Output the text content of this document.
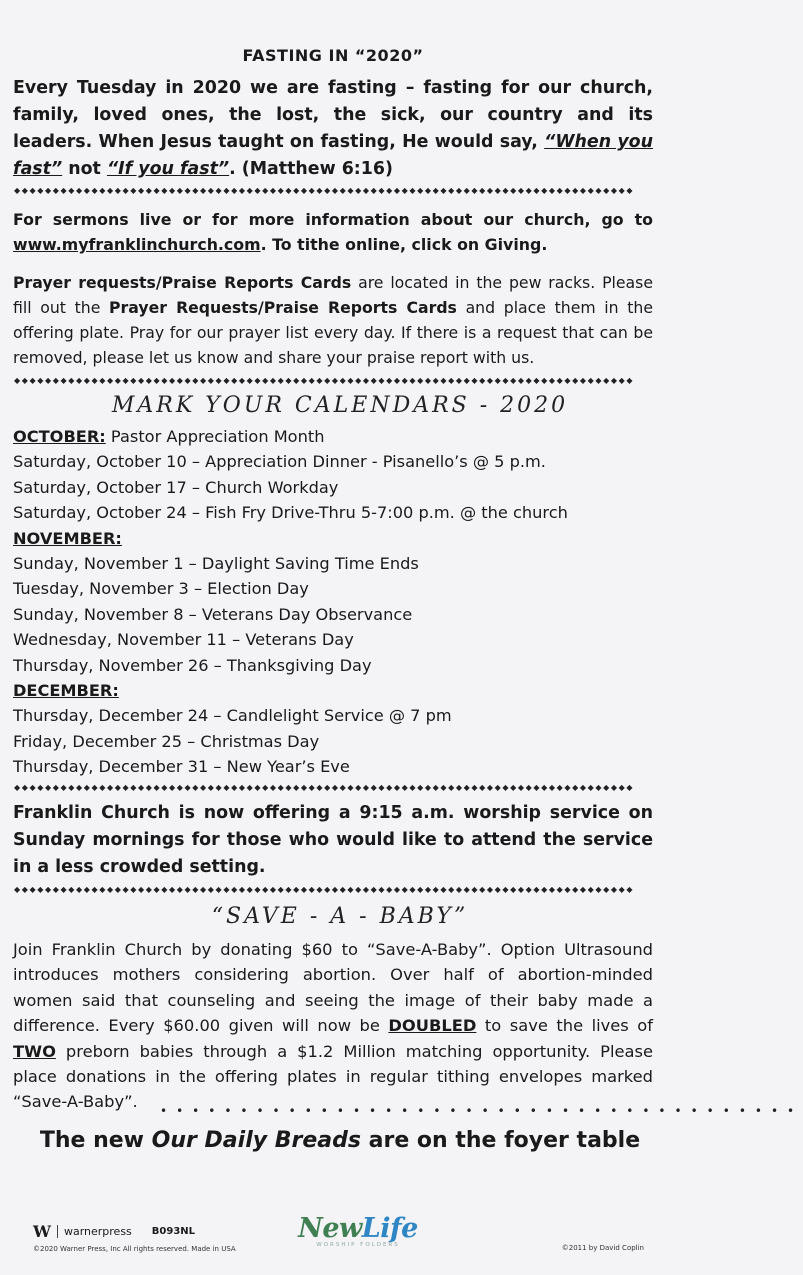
FASTING IN “2020”
Every Tuesday in 2020 we are fasting – fasting for our church, family, loved ones, the lost, the sick, our country and its leaders. When Jesus taught on fasting, He would say, “When you fast” not “If you fast”. (Matthew 6:16)
◆◆◆◆◆◆◆◆◆◆◆◆◆◆◆◆◆◆◆◆◆◆◆◆◆◆◆◆◆◆◆◆◆◆◆◆◆◆◆◆◆◆◆◆◆◆◆◆◆◆◆◆◆◆◆◆◆◆◆◆◆◆◆◆◆◆◆◆◆◆◆◆◆◆◆◆◆◆◆◆
For sermons live or for more information about our church, go to www.myfranklinchurch.com. To tithe online, click on Giving.
Prayer requests/Praise Reports Cards are located in the pew racks. Please fill out the Prayer Requests/Praise Reports Cards and place them in the offering plate. Pray for our prayer list every day. If there is a request that can be removed, please let us know and share your praise report with us.
◆◆◆◆◆◆◆◆◆◆◆◆◆◆◆◆◆◆◆◆◆◆◆◆◆◆◆◆◆◆◆◆◆◆◆◆◆◆◆◆◆◆◆◆◆◆◆◆◆◆◆◆◆◆◆◆◆◆◆◆◆◆◆◆◆◆◆◆◆◆◆◆◆◆◆◆◆◆◆◆
MARK YOUR CALENDARS - 2020
OCTOBER: Pastor Appreciation Month
Saturday, October 10 – Appreciation Dinner - Pisanello’s @ 5 p.m.
Saturday, October 17 – Church Workday
Saturday, October 24 – Fish Fry Drive-Thru 5-7:00 p.m. @ the church
NOVEMBER:
Sunday, November 1 – Daylight Saving Time Ends
Tuesday, November 3 – Election Day
Sunday, November 8 – Veterans Day Observance
Wednesday, November 11 – Veterans Day
Thursday, November 26 – Thanksgiving Day
DECEMBER:
Thursday, December 24 – Candlelight Service @ 7 pm
Friday, December 25 – Christmas Day
Thursday, December 31 – New Year’s Eve
◆◆◆◆◆◆◆◆◆◆◆◆◆◆◆◆◆◆◆◆◆◆◆◆◆◆◆◆◆◆◆◆◆◆◆◆◆◆◆◆◆◆◆◆◆◆◆◆◆◆◆◆◆◆◆◆◆◆◆◆◆◆◆◆◆◆◆◆◆◆◆◆◆◆◆◆◆◆◆◆
Franklin Church is now offering a 9:15 a.m. worship service on Sunday mornings for those who would like to attend the service in a less crowded setting.
◆◆◆◆◆◆◆◆◆◆◆◆◆◆◆◆◆◆◆◆◆◆◆◆◆◆◆◆◆◆◆◆◆◆◆◆◆◆◆◆◆◆◆◆◆◆◆◆◆◆◆◆◆◆◆◆◆◆◆◆◆◆◆◆◆◆◆◆◆◆◆◆◆◆◆◆◆◆◆◆
“SAVE - A - BABY”
Join Franklin Church by donating $60 to “Save-A-Baby”. Option Ultrasound introduces mothers considering abortion. Over half of abortion-minded women said that counseling and seeing the image of their baby made a difference. Every $60.00 given will now be DOUBLED to save the lives of TWO preborn babies through a $1.2 Million matching opportunity. Please place donations in the offering plates in regular tithing envelopes marked “Save-A-Baby”.	••••••••••••••••••••••••••••••••••••••••
The new Our Daily Breads are on the foyer table
W warnerpress B093NL
©2020 Warner Press, Inc All rights reserved. Made in USA
NewLife
WORSHIP FOLDERS	©2011 by David Coplin
